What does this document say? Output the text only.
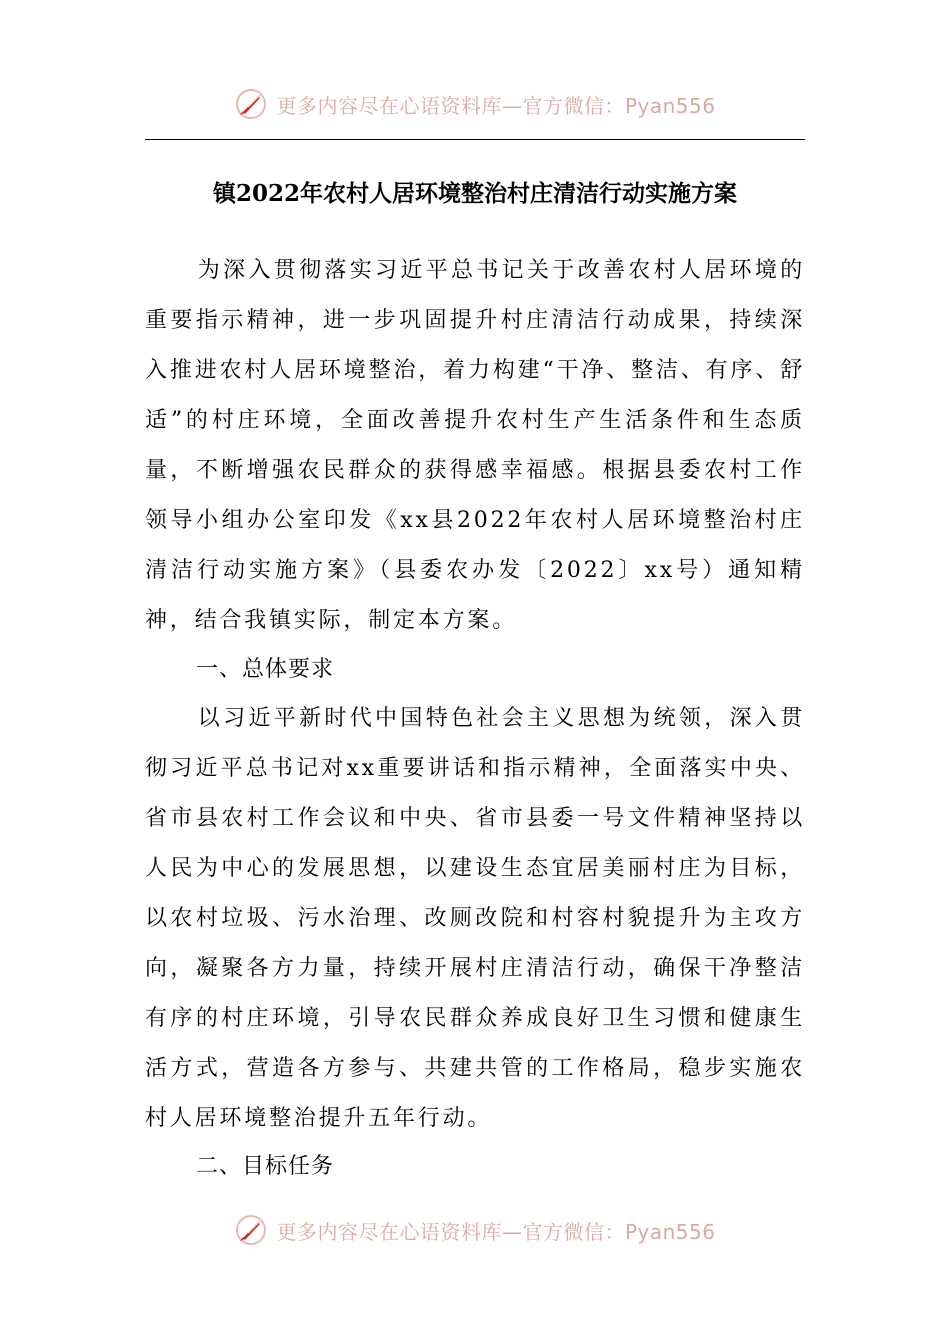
更多内容尽在心语资料库—官方微信：Pyan556
镇2022年农村人居环境整治村庄清洁行动实施方案

为深入贯彻落实习近平总书记关于改善农村人居环境的重要指示精神，进一步巩固提升村庄清洁行动成果，持续深入推进农村人居环境整治，着力构建“干净、整洁、有序、舒适”的村庄环境，全面改善提升农村生产生活条件和生态质量，不断增强农民群众的获得感幸福感。根据县委农村工作领导小组办公室印发《xx县2022年农村人居环境整治村庄清洁行动实施方案》（县委农办发〔2022〕xx号）通知精神，结合我镇实际，制定本方案。

一、总体要求

以习近平新时代中国特色社会主义思想为统领，深入贯彻习近平总书记对xx重要讲话和指示精神，全面落实中央、省市县农村工作会议和中央、省市县委一号文件精神坚持以人民为中心的发展思想，以建设生态宜居美丽村庄为目标，以农村垃圾、污水治理、改厕改院和村容村貌提升为主攻方向，凝聚各方力量，持续开展村庄清洁行动，确保干净整洁有序的村庄环境，引导农民群众养成良好卫生习惯和健康生活方式，营造各方参与、共建共管的工作格局，稳步实施农村人居环境整治提升五年行动。

二、目标任务

更多内容尽在心语资料库—官方微信：Pyan556
